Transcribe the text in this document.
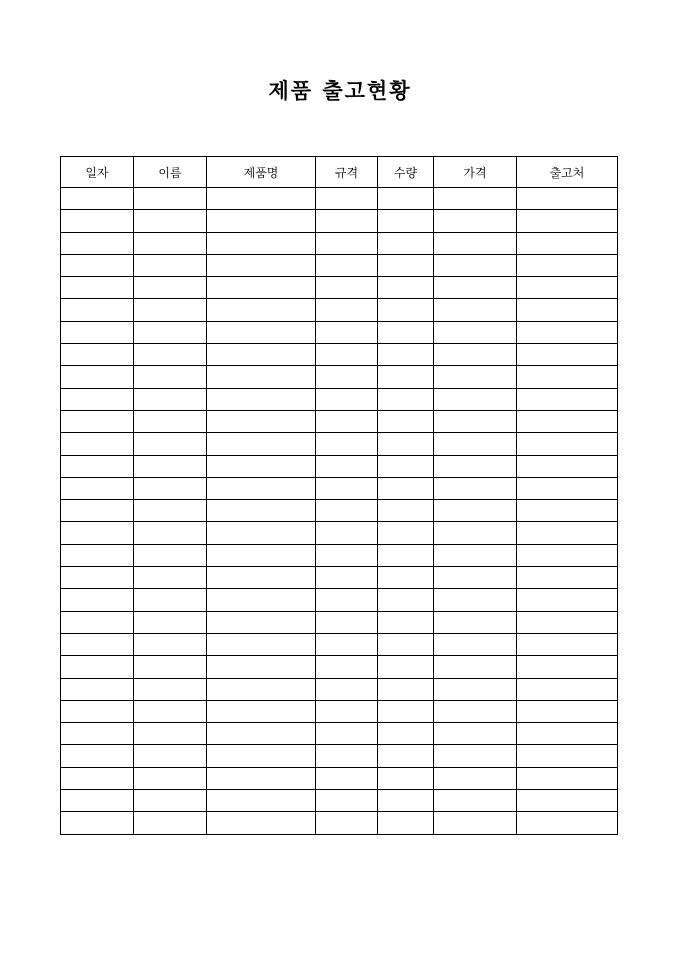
제품 출고현황
일자	이름	제품명	규격	수량	가격	출고처
